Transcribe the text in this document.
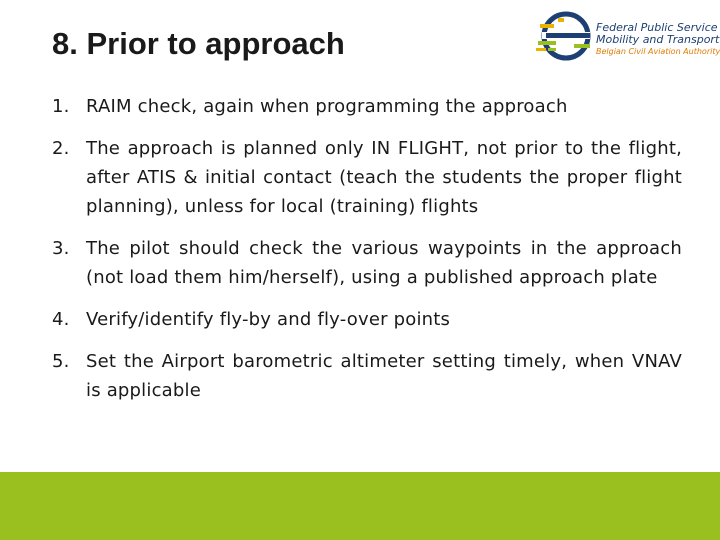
8. Prior to approach	Federal Public Service
Mobility and Transport
Belgian Civil Aviation Authority
1. RAIM check, again when programming the approach
2. The approach is planned only IN FLIGHT, not prior to the flight, after ATIS & initial contact (teach the students the proper flight planning), unless for local (training) flights
3. The pilot should check the various waypoints in the approach (not load them him/herself), using a published approach plate
4. Verify/identify fly-by and fly-over points
5. Set the Airport barometric altimeter setting timely, when VNAV is applicable
